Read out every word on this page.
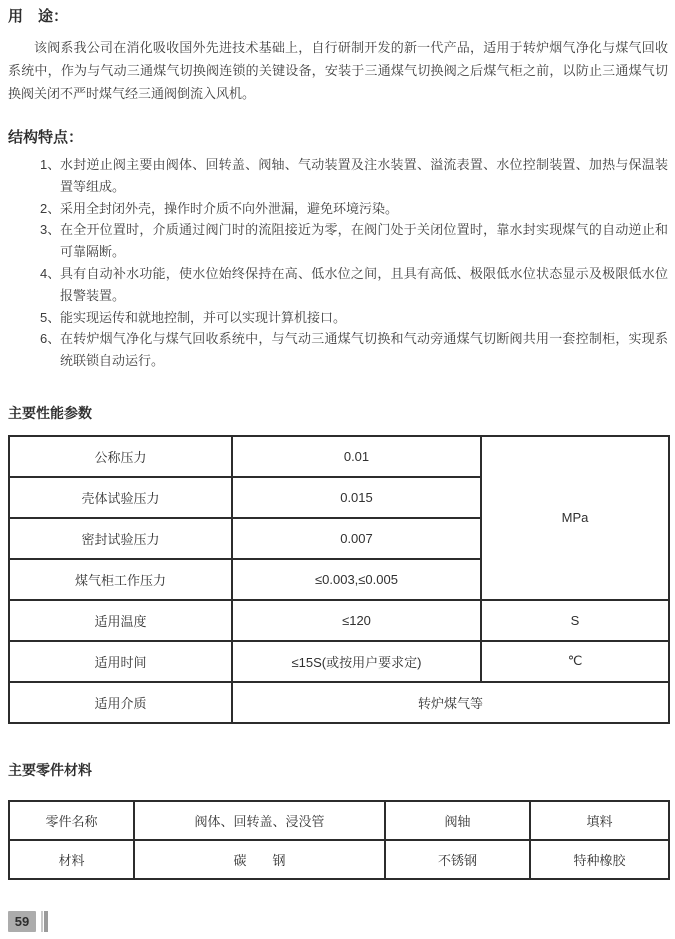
用　途：

该阀系我公司在消化吸收国外先进技术基础上，自行研制开发的新一代产品，适用于转炉烟气净化与煤气回收系统中，作为与气动三通煤气切换阀连锁的关键设备，安装于三通煤气切换阀之后煤气柜之前，以防止三通煤气切换阀关闭不严时煤气经三通阀倒流入风机。

结构特点：
1、 水封逆止阀主要由阀体、回转盖、阀轴、气动装置及注水装置、溢流表置、水位控制装置、加热与保温装置等组成。
2、 采用全封闭外壳，操作时介质不向外泄漏，避免环境污染。
3、 在全开位置时，介质通过阀门时的流阻接近为零，在阀门处于关闭位置时，靠水封实现煤气的自动逆止和可靠隔断。
4、 具有自动补水功能，使水位始终保持在高、低水位之间，且具有高低、极限低水位状态显示及极限低水位报警装置。
5、 能实现运传和就地控制，并可以实现计算机接口。
6、 在转炉烟气净化与煤气回收系统中，与气动三通煤气切换和气动旁通煤气切断阀共用一套控制柜，实现系统联锁自动运行。
主要性能参数
公称压力	0.01	MPa
壳体试验压力	0.015	
密封试验压力	0.007	
煤气柜工作压力	≤0.003,≤0.005	
适用温度	≤120	S
适用时间	≤15S(或按用户要求定)	℃
适用介质	转炉煤气等	
主要零件材料
零件名称	阀体、回转盖、浸没管	阀轴	填料
材料	碳　　钢	不锈钢	特种橡胶
59
